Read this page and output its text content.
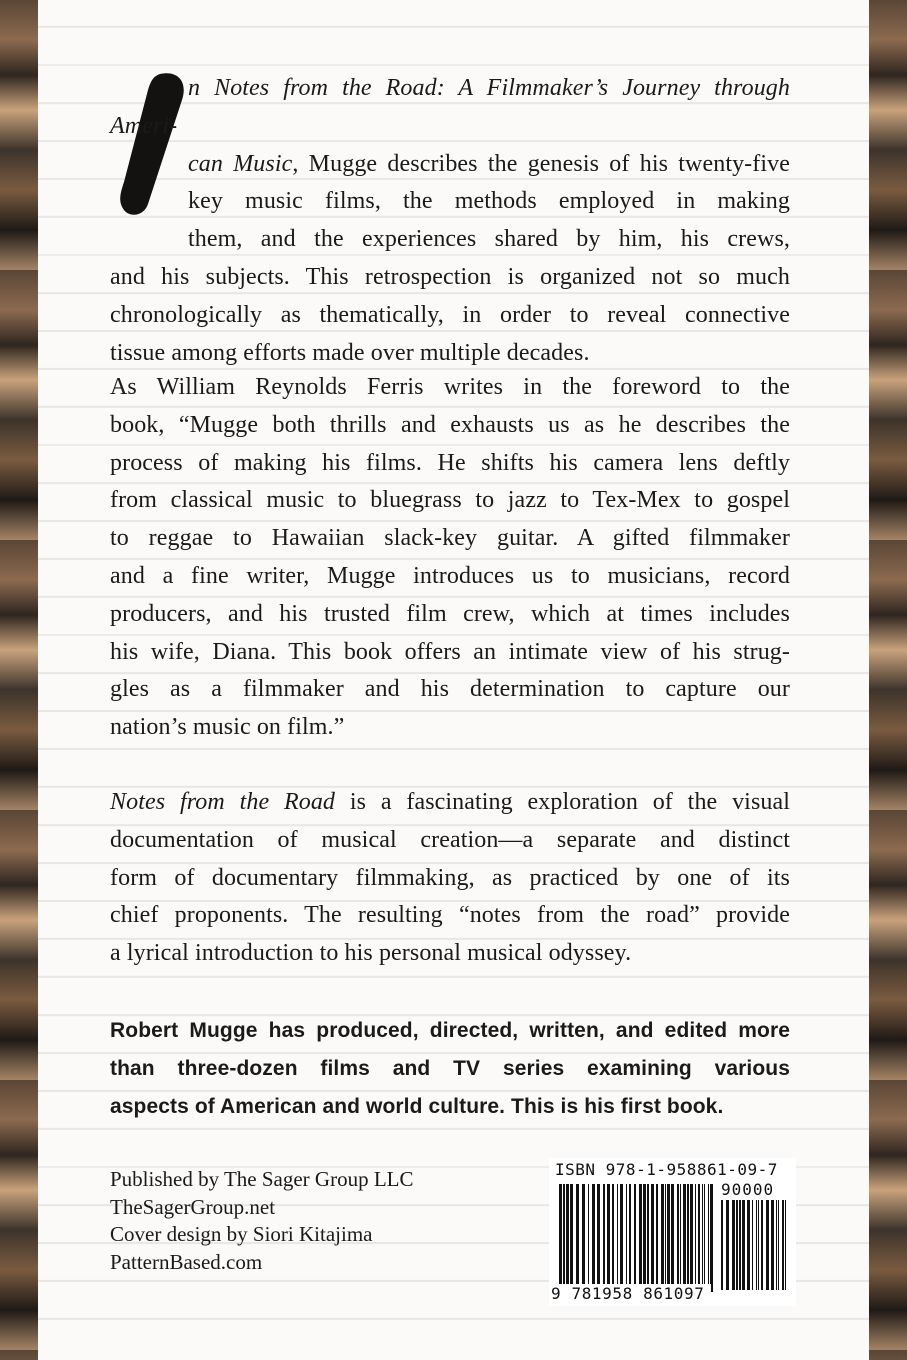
n Notes from the Road: A Filmmaker’s Journey through Ameri-

can Music, Mugge describes the genesis of his twenty-five

key music films, the methods employed in making

them, and the experiences shared by him, his crews,

and his subjects. This retrospection is organized not so much

chronologically as thematically, in order to reveal connective

tissue among efforts made over multiple decades.

As William Reynolds Ferris writes in the foreword to the

book, “Mugge both thrills and exhausts us as he describes the

process of making his films. He shifts his camera lens deftly

from classical music to bluegrass to jazz to Tex-Mex to gospel

to reggae to Hawaiian slack-key guitar. A gifted filmmaker

and a fine writer, Mugge introduces us to musicians, record

producers, and his trusted film crew, which at times includes

his wife, Diana. This book offers an intimate view of his strug-

gles as a filmmaker and his determination to capture our

nation’s music on film.”

Notes from the Road is a fascinating exploration of the visual

documentation of musical creation—a separate and distinct

form of documentary filmmaking, as practiced by one of its

chief proponents. The resulting “notes from the road” provide

a lyrical introduction to his personal musical odyssey.

Robert Mugge has produced, directed, written, and edited more

than three-dozen films and TV series examining various

aspects of American and world culture. This is his first book.

Published by The Sager Group LLC

TheSagerGroup.net

Cover design by Siori Kitajima

PatternBased.com

ISBN 978-1-958861-09-7
90000
9 781958 861097
